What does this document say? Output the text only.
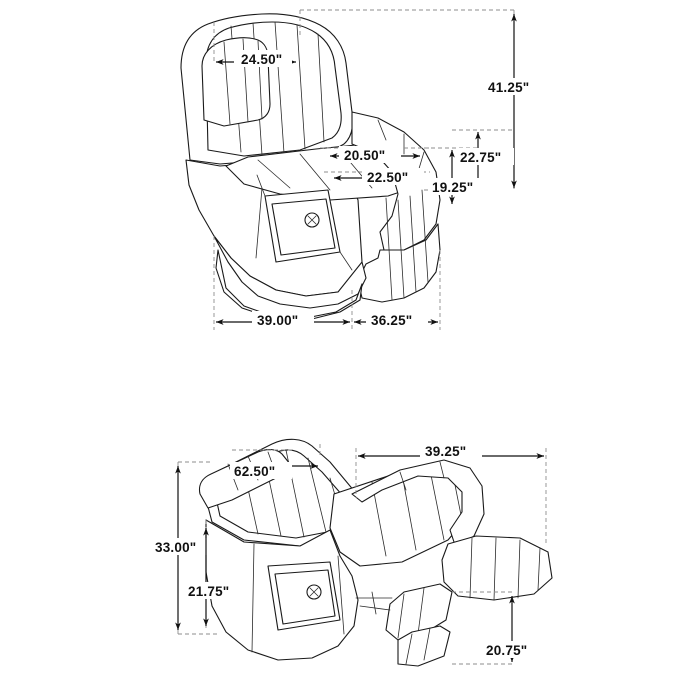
24.50"
41.25"
20.50"	22.75"
22.50"
19.25"
39.00"	36.25"
62.50"
39.25"
33.00"
21.75"
20.75"
